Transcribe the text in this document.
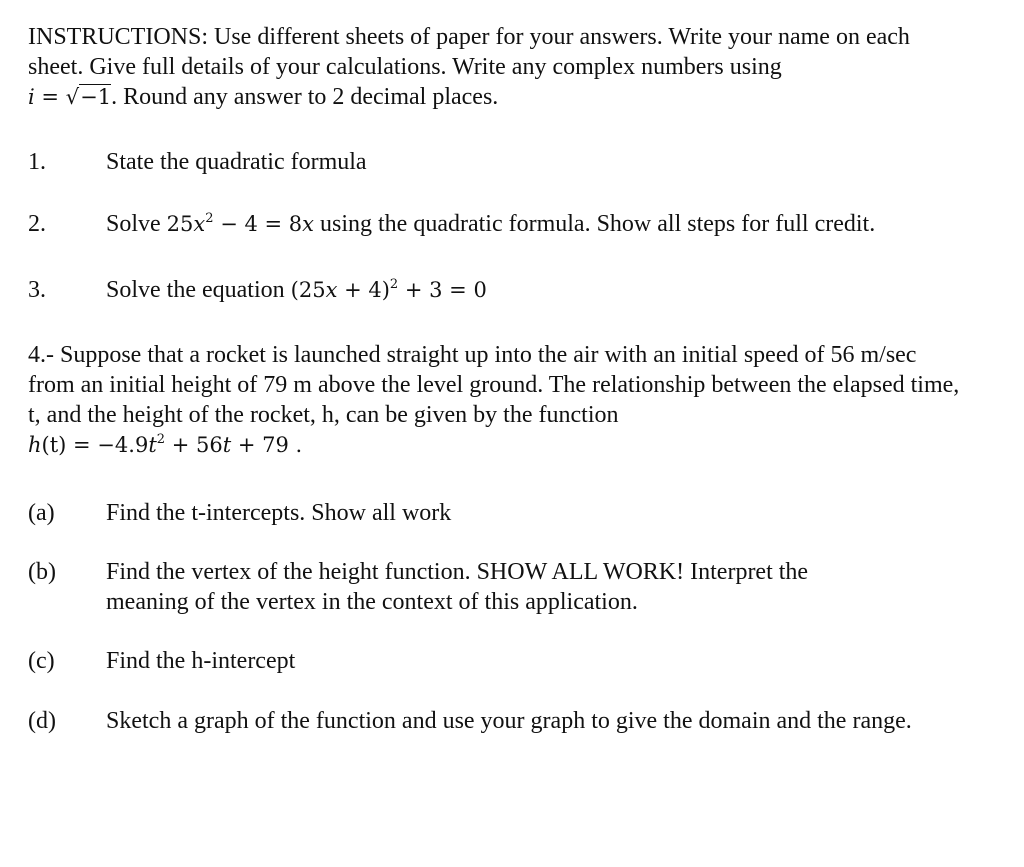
INSTRUCTIONS: Use different sheets of paper for your answers. Write your name on each sheet. Give full details of your calculations. Write any complex numbers using
i = √−1. Round any answer to 2 decimal places.
1.	State the quadratic formula
2.	Solve $25x^2 - 4 = 8x$ using the quadratic formula. Show all steps for full credit.
3.	Solve the equation $(25x + 4)^2 + 3 = 0$
4.- Suppose that a rocket is launched straight up into the air with an initial speed of 56 m/sec from an initial height of 79 m above the level ground. The relationship between the elapsed time, t, and the height of the rocket, h, can be given by the function
$h(t) = -4.9t^2 + 56t + 79$ .
(a) Find the t-intercepts. Show all work
(b) Find the vertex of the height function. SHOW ALL WORK! Interpret the meaning of the vertex in the context of this application.
(c) Find the h-intercept
(d) Sketch a graph of the function and use your graph to give the domain and the range.
